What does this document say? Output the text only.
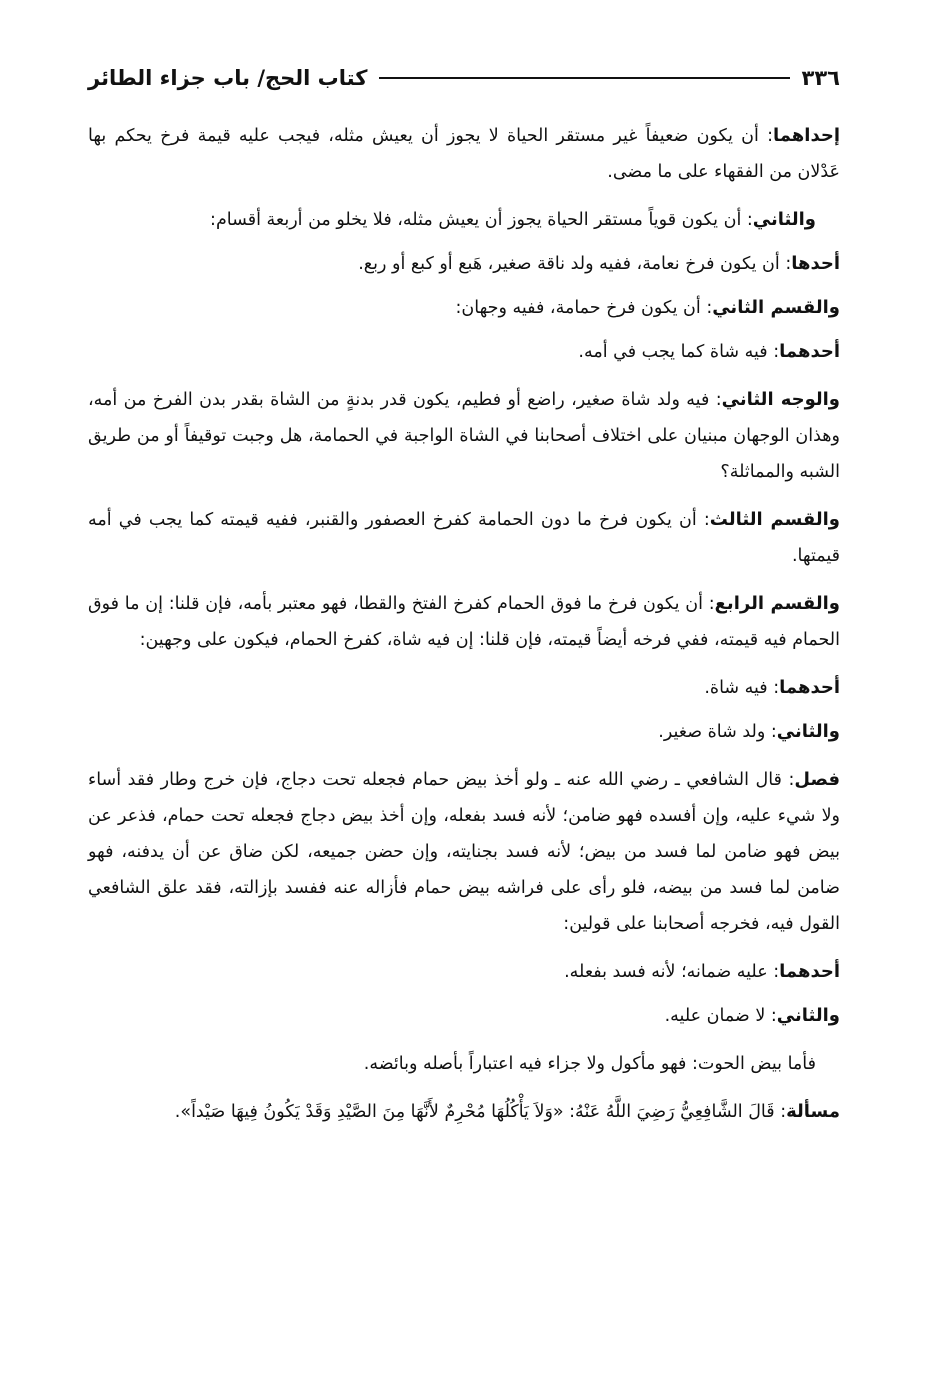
٣٣٦
كتاب الحج/ باب جزاء الطائر

إحداهما: أن يكون ضعيفاً غير مستقر الحياة لا يجوز أن يعيش مثله، فيجب عليه قيمة فرخ يحكم بها عَدْلان من الفقهاء على ما مضى.

والثاني: أن يكون قوياً مستقر الحياة يجوز أن يعيش مثله، فلا يخلو من أربعة أقسام:

أحدها: أن يكون فرخ نعامة، ففيه ولد ناقة صغير، هَبع أو كبع أو ربع.

والقسم الثاني: أن يكون فرخ حمامة، ففيه وجهان:

أحدهما: فيه شاة كما يجب في أمه.

والوجه الثاني: فيه ولد شاة صغير، راضع أو فطيم، يكون قدر بدنةٍ من الشاة بقدر بدن الفرخ من أمه، وهذان الوجهان مبنيان على اختلاف أصحابنا في الشاة الواجبة في الحمامة، هل وجبت توقيفاً أو من طريق الشبه والمماثلة؟

والقسم الثالث: أن يكون فرخ ما دون الحمامة كفرخ العصفور والقنبر، ففيه قيمته كما يجب في أمه قيمتها.

والقسم الرابع: أن يكون فرخ ما فوق الحمام كفرخ الفتخ والقطا، فهو معتبر بأمه، فإن قلنا: إن ما فوق الحمام فيه قيمته، ففي فرخه أيضاً قيمته، فإن قلنا: إن فيه شاة، كفرخ الحمام، فيكون على وجهين:

أحدهما: فيه شاة.

والثاني: ولد شاة صغير.

فصل: قال الشافعي ـ رضي الله عنه ـ ولو أخذ بيض حمام فجعله تحت دجاج، فإن خرج وطار فقد أساء ولا شيء عليه، وإن أفسده فهو ضامن؛ لأنه فسد بفعله، وإن أخذ بيض دجاج فجعله تحت حمام، فذعر عن بيض فهو ضامن لما فسد من بيض؛ لأنه فسد بجنايته، وإن حضن جميعه، لكن ضاق عن أن يدفنه، فهو ضامن لما فسد من بيضه، فلو رأى على فراشه بيض حمام فأزاله عنه ففسد بإزالته، فقد علق الشافعي القول فيه، فخرجه أصحابنا على قولين:

أحدهما: عليه ضمانه؛ لأنه فسد بفعله.

والثاني: لا ضمان عليه.

فأما بيض الحوت: فهو مأكول ولا جزاء فيه اعتباراً بأصله وبائضه.

مسألة: قَالَ الشَّافِعِيُّ رَضِيَ اللَّهُ عَنْهُ: «وَلاَ يَأْكُلُهَا مُحْرِمٌ لأَنَّهَا مِنَ الصَّيْدِ وَقَدْ يَكُونُ فِيهَا صَيْداً».
